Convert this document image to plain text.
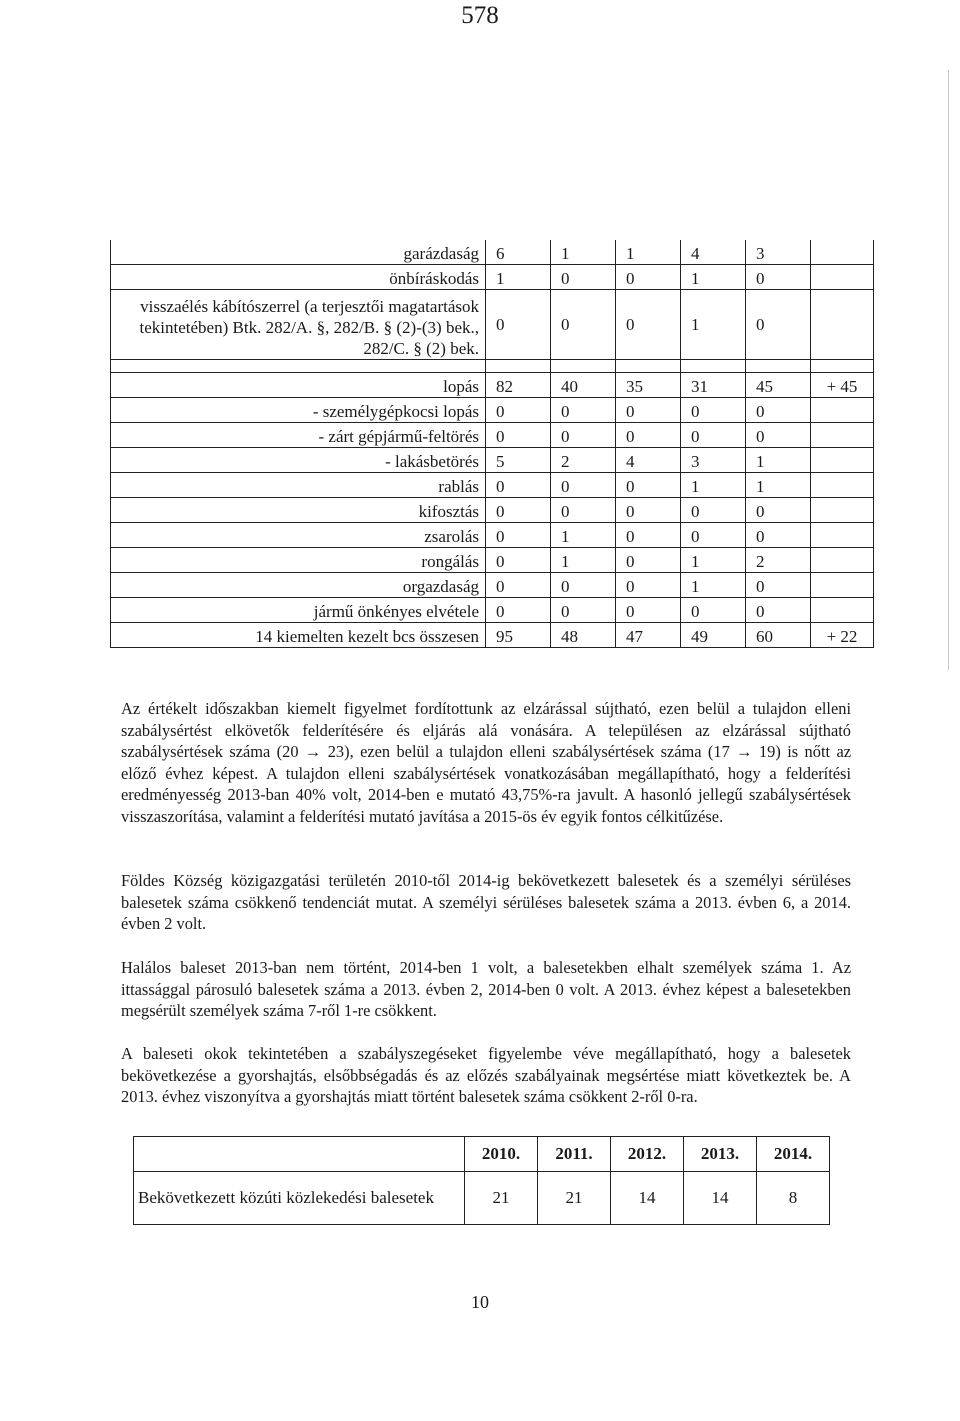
578
garázdaság	6	1	1	4	3	
önbíráskodás	1	0	0	1	0	
visszaélés kábítószerrel (a terjesztői magatartások tekintetében) Btk. 282/A. §, 282/B. § (2)-(3) bek., 282/C. § (2) bek.	0	0	0	1	0	

lopás	82	40	35	31	45	+ 45
- személygépkocsi lopás	0	0	0	0	0	
- zárt gépjármű-feltörés	0	0	0	0	0	
- lakásbetörés	5	2	4	3	1	
rablás	0	0	0	1	1	
kifosztás	0	0	0	0	0	
zsarolás	0	1	0	0	0	
rongálás	0	1	0	1	2	
orgazdaság	0	0	0	1	0	
jármű önkényes elvétele	0	0	0	0	0	
14 kiemelten kezelt bcs összesen	95	48	47	49	60	+ 22

Az értékelt időszakban kiemelt figyelmet fordítottunk az elzárással sújtható, ezen belül a tulajdon elleni szabálysértést elkövetők felderítésére és eljárás alá vonására. A településen az elzárással sújtható szabálysértések száma (20 → 23), ezen belül a tulajdon elleni szabálysértések száma (17 → 19) is nőtt az előző évhez képest. A tulajdon elleni szabálysértések vonatkozásában megállapítható, hogy a felderítési eredményesség 2013-ban 40% volt, 2014-ben e mutató 43,75%-ra javult. A hasonló jellegű szabálysértések visszaszorítása, valamint a felderítési mutató javítása a 2015-ös év egyik fontos célkitűzése.

Földes Község közigazgatási területén 2010-től 2014-ig bekövetkezett balesetek és a személyi sérüléses balesetek száma csökkenő tendenciát mutat. A személyi sérüléses balesetek száma a 2013. évben 6, a 2014. évben 2 volt.

Halálos baleset 2013-ban nem történt, 2014-ben 1 volt, a balesetekben elhalt személyek száma 1. Az ittassággal párosuló balesetek száma a 2013. évben 2, 2014-ben 0 volt. A 2013. évhez képest a balesetekben megsérült személyek száma 7-ről 1-re csökkent.

A baleseti okok tekintetében a szabályszegéseket figyelembe véve megállapítható, hogy a balesetek bekövetkezése a gyorshajtás, elsőbbségadás és az előzés szabályainak megsértése miatt következtek be. A 2013. évhez viszonyítva a gyorshajtás miatt történt balesetek száma csökkent 2-ről 0-ra.

	2010.	2011.	2012.	2013.	2014.
Bekövetkezett közúti közlekedési balesetek	21	21	14	14	8
10
